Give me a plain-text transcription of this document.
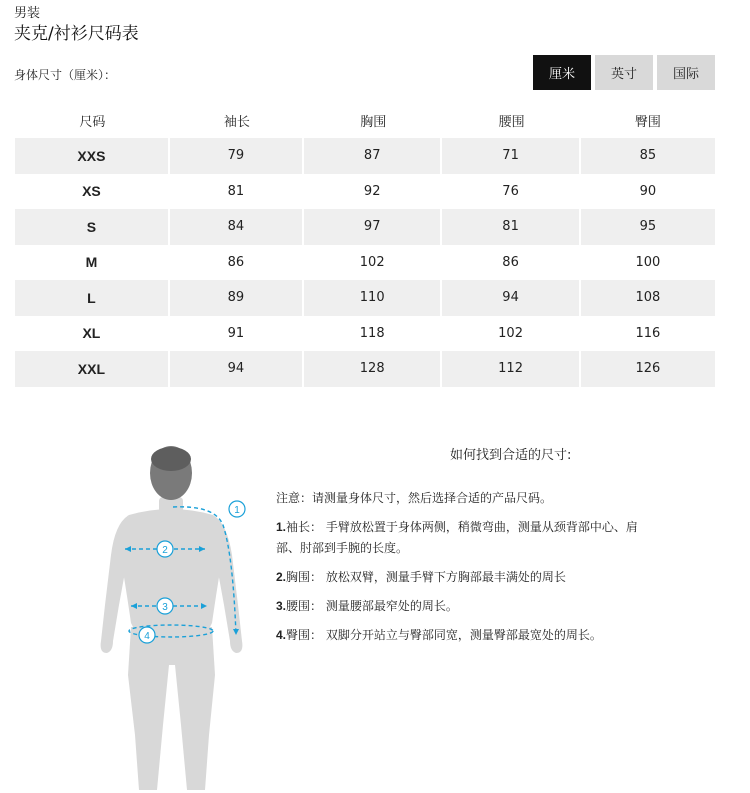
男装
夹克/衬衫尺码表
身体尺寸（厘米）：	厘米	英寸	国际
尺码	袖长	胸围	腰围	臀围
XXS	79	87	71	85
XS	81	92	76	90
S	84	97	81	95
M	86	102	86	100
L	89	110	94	108
XL	91	118	102	116
XXL	94	128	112	126
1
2
3
4
如何找到合适的尺寸:
注意：请测量身体尺寸，然后选择合适的产品尺码。
1.袖长： 手臂放松置于身体两侧，稍微弯曲，测量从颈背部中心、肩部、肘部到手腕的长度。
2.胸围： 放松双臂，测量手臂下方胸部最丰满处的周长
3.腰围： 测量腰部最窄处的周长。
4.臀围： 双脚分开站立与臀部同宽，测量臀部最宽处的周长。
